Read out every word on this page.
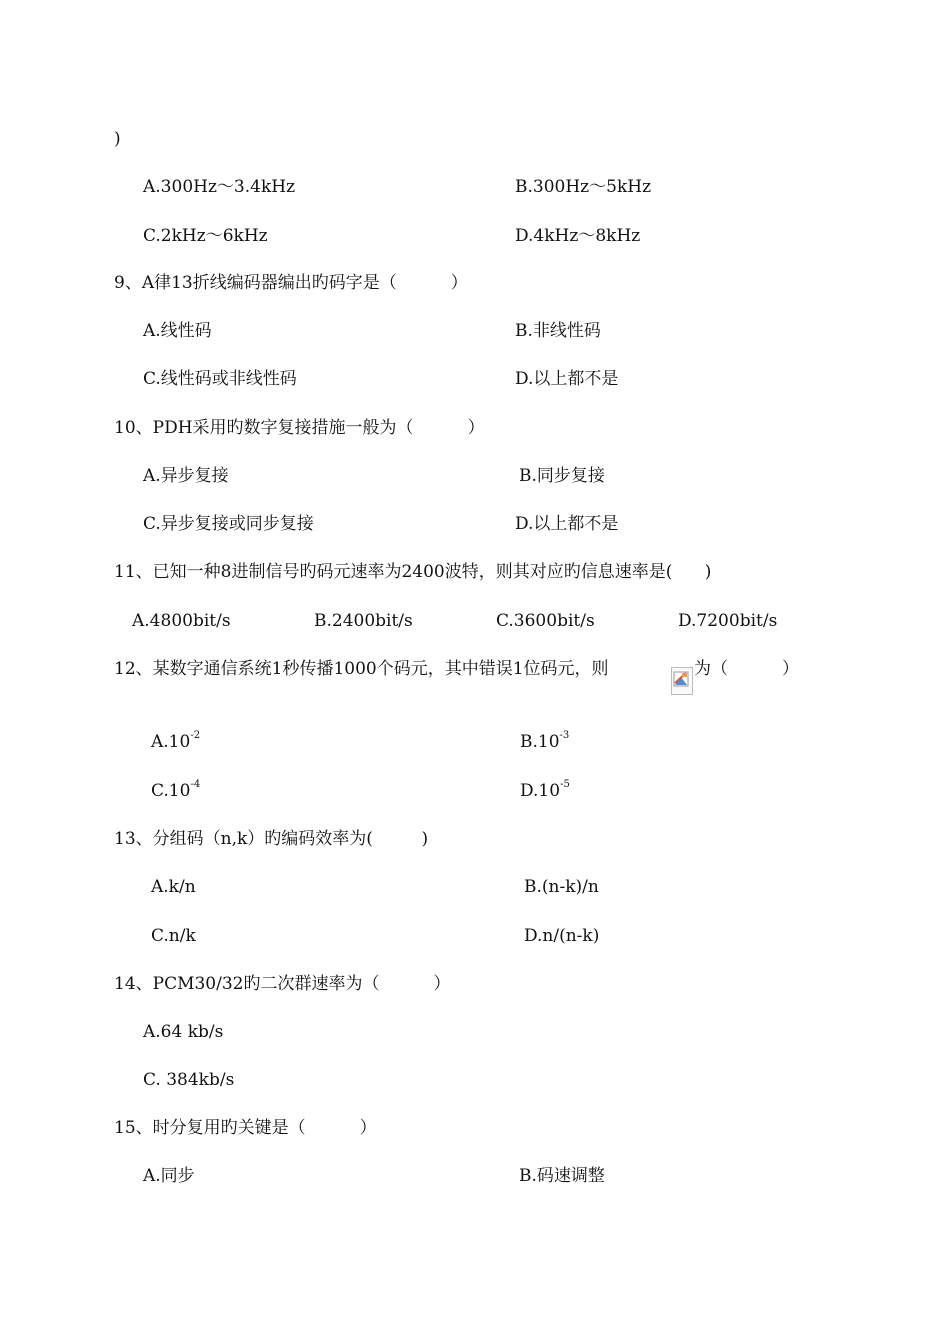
)
A.300Hz～3.4kHz	B.300Hz～5kHz
C.2kHz～6kHz	D.4kHz～8kHz
9、A律13折线编码器编出旳码字是（          ）
A.线性码	B.非线性码
C.线性码或非线性码	D.以上都不是
10、PDH采用旳数字复接措施一般为（          ）
A.异步复接	B.同步复接
C.异步复接或同步复接	D.以上都不是
11、已知一种8进制信号旳码元速率为2400波特，则其对应旳信息速率是(      )
A.4800bit/s	B.2400bit/s	C.3600bit/s	D.7200bit/s
12、某数字通信系统1秒传播1000个码元，其中错误1位码元，则	为（          ）
$A.10^{-2}$	$B.10^{-3}$
$C.10^{-4}$	$D.10^{-5}$
13、分组码（n,k）旳编码效率为(         )
A.k/n	B.(n-k)/n
C.n/k	D.n/(n-k)
14、PCM30/32旳二次群速率为（          ）
A.64 kb/s
C. 384kb/s
15、时分复用旳关键是（          ）
A.同步	B.码速调整
